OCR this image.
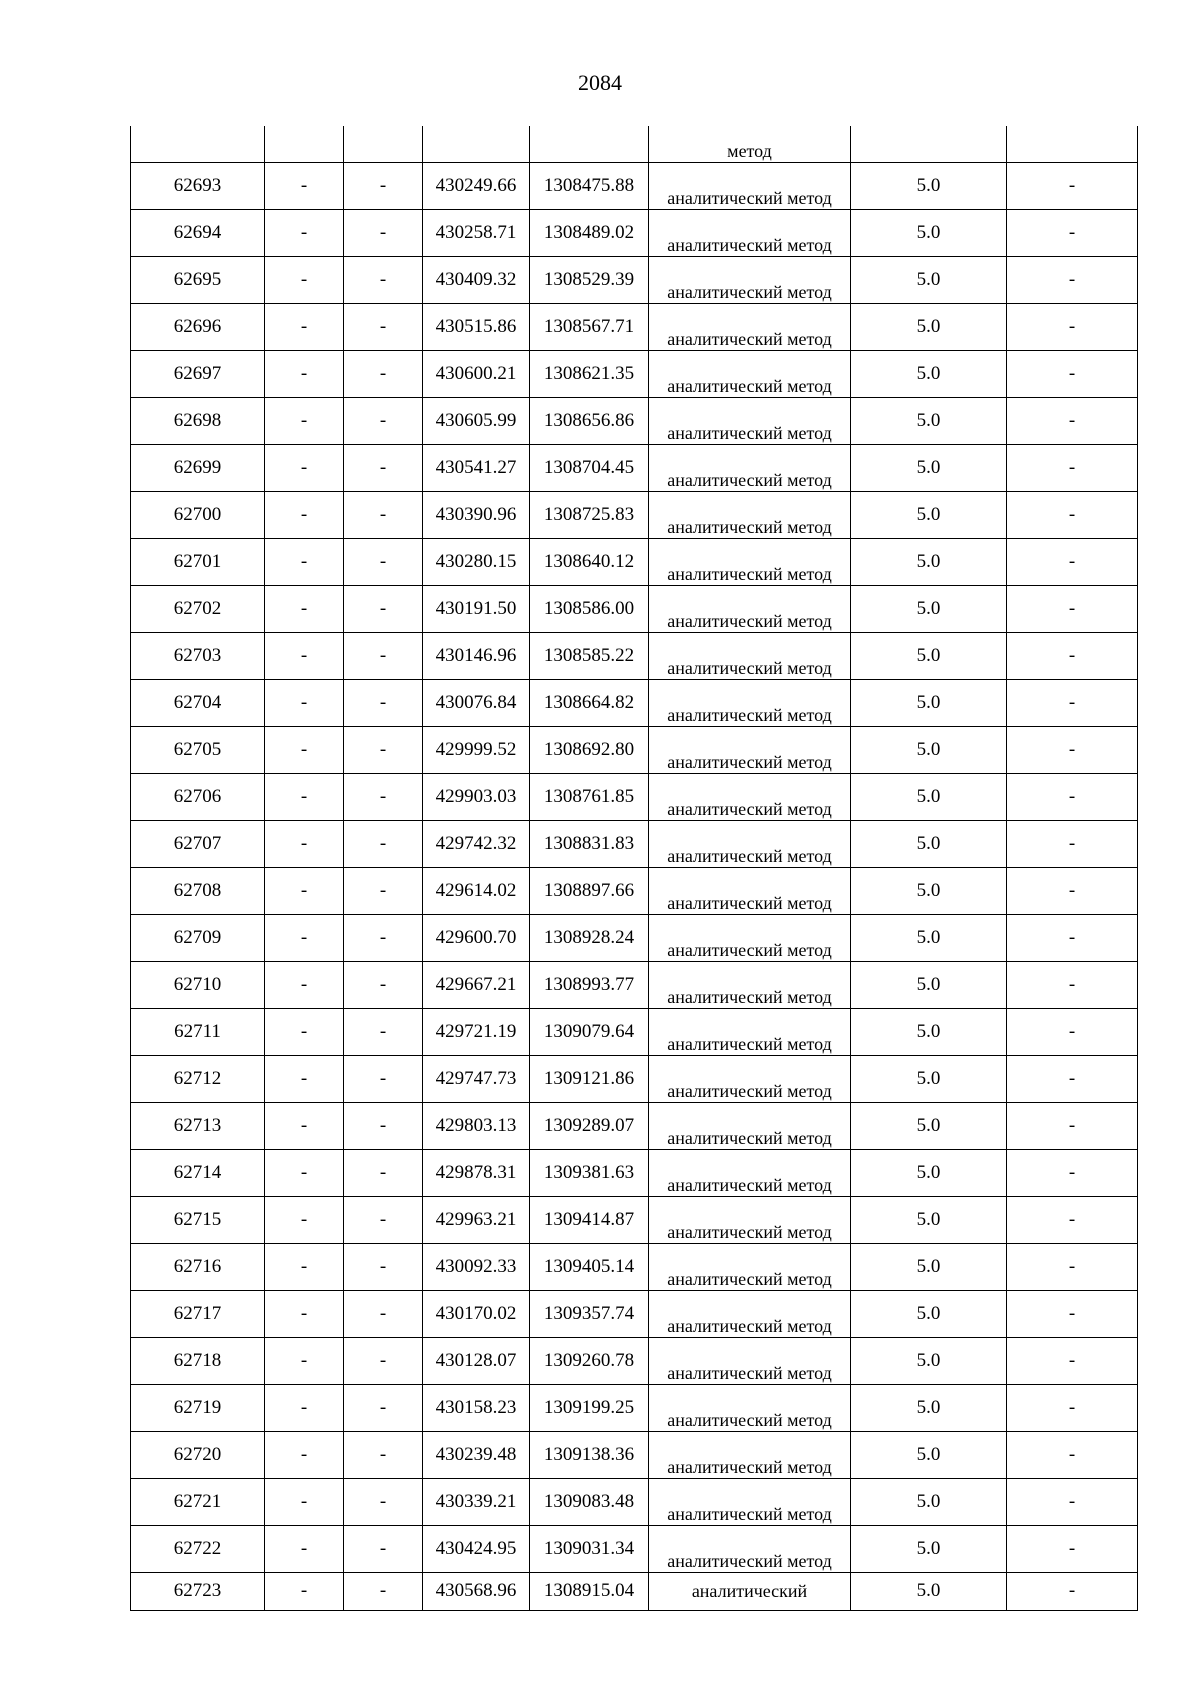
2084
					метод		
62693	-	-	430249.66	1308475.88	аналитический метод	5.0	-
62694	-	-	430258.71	1308489.02	аналитический метод	5.0	-
62695	-	-	430409.32	1308529.39	аналитический метод	5.0	-
62696	-	-	430515.86	1308567.71	аналитический метод	5.0	-
62697	-	-	430600.21	1308621.35	аналитический метод	5.0	-
62698	-	-	430605.99	1308656.86	аналитический метод	5.0	-
62699	-	-	430541.27	1308704.45	аналитический метод	5.0	-
62700	-	-	430390.96	1308725.83	аналитический метод	5.0	-
62701	-	-	430280.15	1308640.12	аналитический метод	5.0	-
62702	-	-	430191.50	1308586.00	аналитический метод	5.0	-
62703	-	-	430146.96	1308585.22	аналитический метод	5.0	-
62704	-	-	430076.84	1308664.82	аналитический метод	5.0	-
62705	-	-	429999.52	1308692.80	аналитический метод	5.0	-
62706	-	-	429903.03	1308761.85	аналитический метод	5.0	-
62707	-	-	429742.32	1308831.83	аналитический метод	5.0	-
62708	-	-	429614.02	1308897.66	аналитический метод	5.0	-
62709	-	-	429600.70	1308928.24	аналитический метод	5.0	-
62710	-	-	429667.21	1308993.77	аналитический метод	5.0	-
62711	-	-	429721.19	1309079.64	аналитический метод	5.0	-
62712	-	-	429747.73	1309121.86	аналитический метод	5.0	-
62713	-	-	429803.13	1309289.07	аналитический метод	5.0	-
62714	-	-	429878.31	1309381.63	аналитический метод	5.0	-
62715	-	-	429963.21	1309414.87	аналитический метод	5.0	-
62716	-	-	430092.33	1309405.14	аналитический метод	5.0	-
62717	-	-	430170.02	1309357.74	аналитический метод	5.0	-
62718	-	-	430128.07	1309260.78	аналитический метод	5.0	-
62719	-	-	430158.23	1309199.25	аналитический метод	5.0	-
62720	-	-	430239.48	1309138.36	аналитический метод	5.0	-
62721	-	-	430339.21	1309083.48	аналитический метод	5.0	-
62722	-	-	430424.95	1309031.34	аналитический метод	5.0	-
62723	-	-	430568.96	1308915.04	аналитический	5.0	-
